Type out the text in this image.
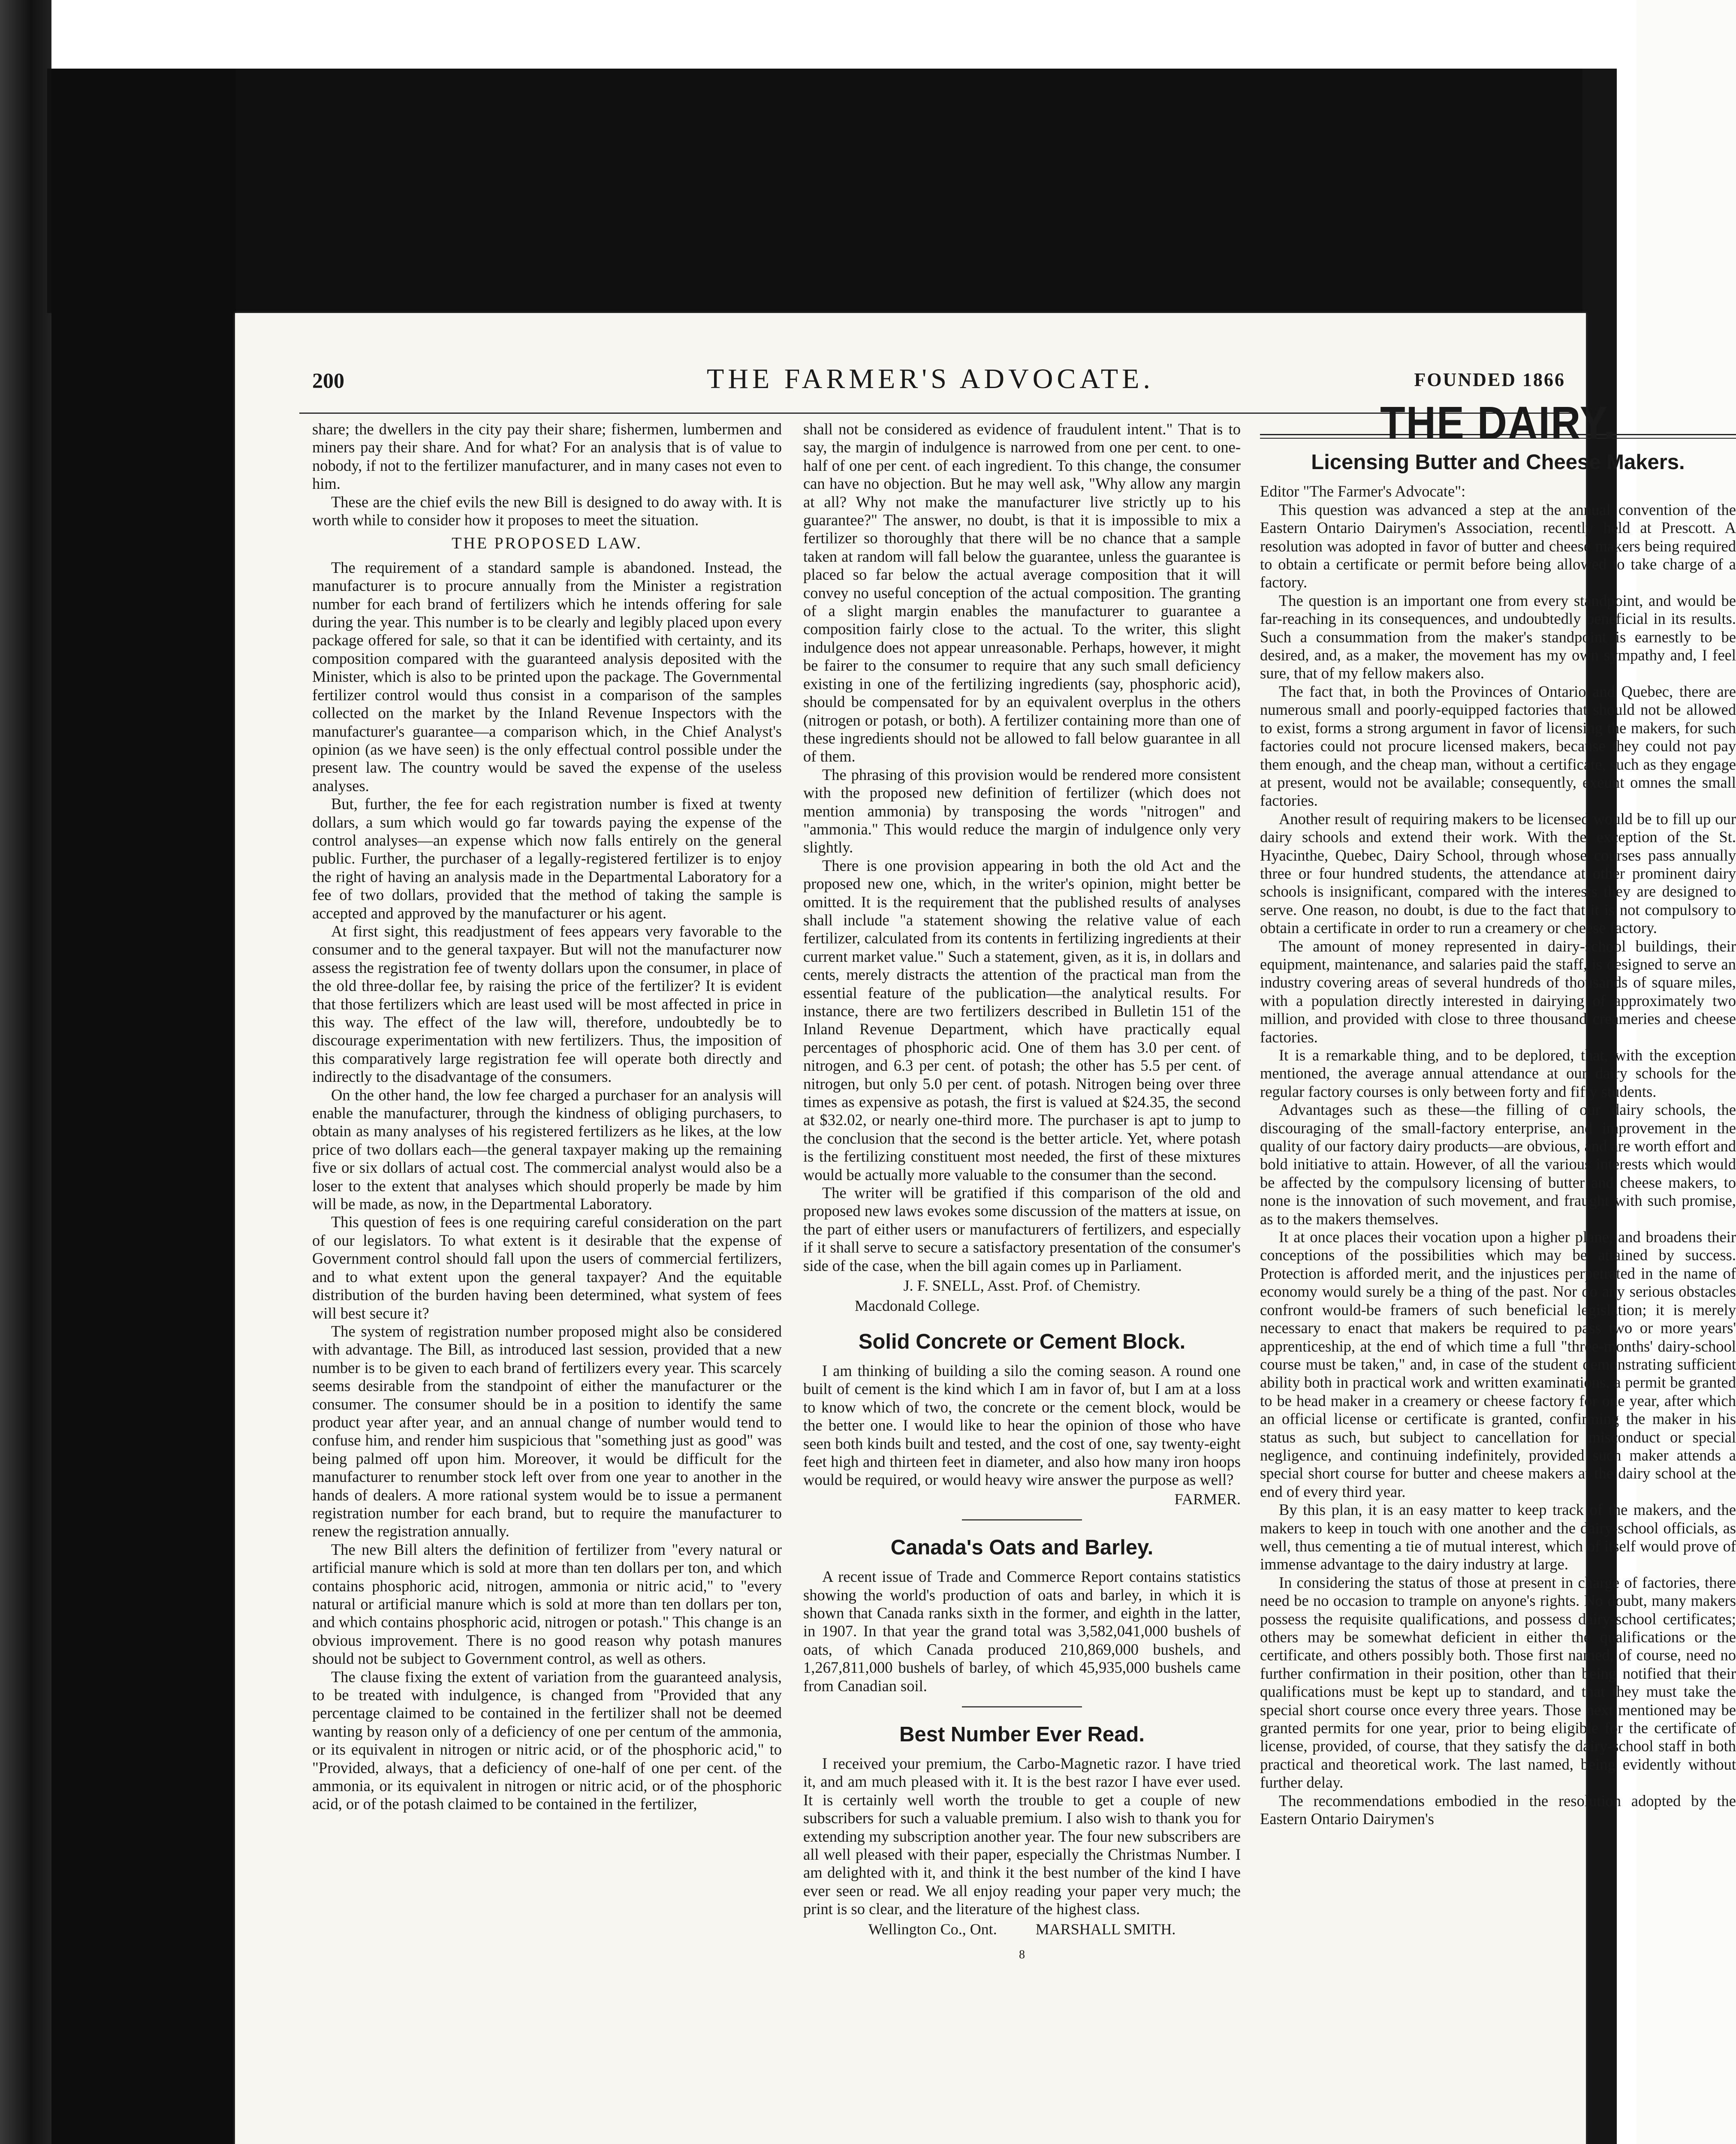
200	THE FARMER'S ADVOCATE.	FOUNDED 1866

share; the dwellers in the city pay their share; fishermen, lumbermen and miners pay their share. And for what? For an analysis that is of value to nobody, if not to the fertilizer manufacturer, and in many cases not even to him.

These are the chief evils the new Bill is designed to do away with. It is worth while to consider how it proposes to meet the situation.

THE PROPOSED LAW.

The requirement of a standard sample is abandoned. Instead, the manufacturer is to procure annually from the Minister a registration number for each brand of fertilizers which he intends offering for sale during the year. This number is to be clearly and legibly placed upon every package offered for sale, so that it can be identified with certainty, and its composition compared with the guaranteed analysis deposited with the Minister, which is also to be printed upon the package. The Governmental fertilizer control would thus consist in a comparison of the samples collected on the market by the Inland Revenue Inspectors with the manufacturer's guarantee—a comparison which, in the Chief Analyst's opinion (as we have seen) is the only effectual control possible under the present law. The country would be saved the expense of the useless analyses.

But, further, the fee for each registration number is fixed at twenty dollars, a sum which would go far towards paying the expense of the control analyses—an expense which now falls entirely on the general public. Further, the purchaser of a legally-registered fertilizer is to enjoy the right of having an analysis made in the Departmental Laboratory for a fee of two dollars, provided that the method of taking the sample is accepted and approved by the manufacturer or his agent.

At first sight, this readjustment of fees appears very favorable to the consumer and to the general taxpayer. But will not the manufacturer now assess the registration fee of twenty dollars upon the consumer, in place of the old three-dollar fee, by raising the price of the fertilizer? It is evident that those fertilizers which are least used will be most affected in price in this way. The effect of the law will, therefore, undoubtedly be to discourage experimentation with new fertilizers. Thus, the imposition of this comparatively large registration fee will operate both directly and indirectly to the disadvantage of the consumers.

On the other hand, the low fee charged a purchaser for an analysis will enable the manufacturer, through the kindness of obliging purchasers, to obtain as many analyses of his registered fertilizers as he likes, at the low price of two dollars each—the general taxpayer making up the remaining five or six dollars of actual cost. The commercial analyst would also be a loser to the extent that analyses which should properly be made by him will be made, as now, in the Departmental Laboratory.

This question of fees is one requiring careful consideration on the part of our legislators. To what extent is it desirable that the expense of Government control should fall upon the users of commercial fertilizers, and to what extent upon the general taxpayer? And the equitable distribution of the burden having been determined, what system of fees will best secure it?

The system of registration number proposed might also be considered with advantage. The Bill, as introduced last session, provided that a new number is to be given to each brand of fertilizers every year. This scarcely seems desirable from the standpoint of either the manufacturer or the consumer. The consumer should be in a position to identify the same product year after year, and an annual change of number would tend to confuse him, and render him suspicious that "something just as good" was being palmed off upon him. Moreover, it would be difficult for the manufacturer to renumber stock left over from one year to another in the hands of dealers. A more rational system would be to issue a permanent registration number for each brand, but to require the manufacturer to renew the registration annually.

The new Bill alters the definition of fertilizer from "every natural or artificial manure which is sold at more than ten dollars per ton, and which contains phosphoric acid, nitrogen, ammonia or nitric acid," to "every natural or artificial manure which is sold at more than ten dollars per ton, and which contains phosphoric acid, nitrogen or potash." This change is an obvious improvement. There is no good reason why potash manures should not be subject to Government control, as well as others.

The clause fixing the extent of variation from the guaranteed analysis, to be treated with indulgence, is changed from "Provided that any percentage claimed to be contained in the fertilizer shall not be deemed wanting by reason only of a deficiency of one per centum of the ammonia, or its equivalent in nitrogen or nitric acid, or of the phosphoric acid," to "Provided, always, that a deficiency of one-half of one per cent. of the ammonia, or its equivalent in nitrogen or nitric acid, or of the phosphoric acid, or of the potash claimed to be contained in the fertilizer,

shall not be considered as evidence of fraudulent intent." That is to say, the margin of indulgence is narrowed from one per cent. to one-half of one per cent. of each ingredient. To this change, the consumer can have no objection. But he may well ask, "Why allow any margin at all? Why not make the manufacturer live strictly up to his guarantee?" The answer, no doubt, is that it is impossible to mix a fertilizer so thoroughly that there will be no chance that a sample taken at random will fall below the guarantee, unless the guarantee is placed so far below the actual average composition that it will convey no useful conception of the actual composition. The granting of a slight margin enables the manufacturer to guarantee a composition fairly close to the actual. To the writer, this slight indulgence does not appear unreasonable. Perhaps, however, it might be fairer to the consumer to require that any such small deficiency existing in one of the fertilizing ingredients (say, phosphoric acid), should be compensated for by an equivalent overplus in the others (nitrogen or potash, or both). A fertilizer containing more than one of these ingredients should not be allowed to fall below guarantee in all of them.

The phrasing of this provision would be rendered more consistent with the proposed new definition of fertilizer (which does not mention ammonia) by transposing the words "nitrogen" and "ammonia." This would reduce the margin of indulgence only very slightly.

There is one provision appearing in both the old Act and the proposed new one, which, in the writer's opinion, might better be omitted. It is the requirement that the published results of analyses shall include "a statement showing the relative value of each fertilizer, calculated from its contents in fertilizing ingredients at their current market value." Such a statement, given, as it is, in dollars and cents, merely distracts the attention of the practical man from the essential feature of the publication—the analytical results. For instance, there are two fertilizers described in Bulletin 151 of the Inland Revenue Department, which have practically equal percentages of phosphoric acid. One of them has 3.0 per cent. of nitrogen, and 6.3 per cent. of potash; the other has 5.5 per cent. of nitrogen, but only 5.0 per cent. of potash. Nitrogen being over three times as expensive as potash, the first is valued at $24.35, the second at $32.02, or nearly one-third more. The purchaser is apt to jump to the conclusion that the second is the better article. Yet, where potash is the fertilizing constituent most needed, the first of these mixtures would be actually more valuable to the consumer than the second.

The writer will be gratified if this comparison of the old and proposed new laws evokes some discussion of the matters at issue, on the part of either users or manufacturers of fertilizers, and especially if it shall serve to secure a satisfactory presentation of the consumer's side of the case, when the bill again comes up in Parliament.

J. F. SNELL, Asst. Prof. of Chemistry.
Macdonald College.
Solid Concrete or Cement Block.

I am thinking of building a silo the coming season. A round one built of cement is the kind which I am in favor of, but I am at a loss to know which of two, the concrete or the cement block, would be the better one. I would like to hear the opinion of those who have seen both kinds built and tested, and the cost of one, say twenty-eight feet high and thirteen feet in diameter, and also how many iron hoops would be required, or would heavy wire answer the purpose as well?

FARMER.
Canada's Oats and Barley.

A recent issue of Trade and Commerce Report contains statistics showing the world's production of oats and barley, in which it is shown that Canada ranks sixth in the former, and eighth in the latter, in 1907. In that year the grand total was 3,582,041,000 bushels of oats, of which Canada produced 210,869,000 bushels, and 1,267,811,000 bushels of barley, of which 45,935,000 bushels came from Canadian soil.

Best Number Ever Read.

I received your premium, the Carbo-Magnetic razor. I have tried it, and am much pleased with it. It is the best razor I have ever used. It is certainly well worth the trouble to get a couple of new subscribers for such a valuable premium. I also wish to thank you for extending my subscription another year. The four new subscribers are all well pleased with their paper, especially the Christmas Number. I am delighted with it, and think it the best number of the kind I have ever seen or read. We all enjoy reading your paper very much; the print is so clear, and the literature of the highest class.

Wellington Co., Ont.          MARSHALL SMITH.
8
THE DAIRY.
Licensing Butter and Cheese Makers.

Editor "The Farmer's Advocate":

This question was advanced a step at the annual convention of the Eastern Ontario Dairymen's Association, recently held at Prescott. A resolution was adopted in favor of butter and cheese makers being required to obtain a certificate or permit before being allowed to take charge of a factory.

The question is an important one from every standpoint, and would be far-reaching in its consequences, and undoubtedly beneficial in its results. Such a consummation from the maker's standpoint is earnestly to be desired, and, as a maker, the movement has my own sympathy and, I feel sure, that of my fellow makers also.

The fact that, in both the Provinces of Ontario and Quebec, there are numerous small and poorly-equipped factories that should not be allowed to exist, forms a strong argument in favor of licensing the makers, for such factories could not procure licensed makers, because they could not pay them enough, and the cheap man, without a certificate, such as they engage at present, would not be available; consequently, exeunt omnes the small factories.

Another result of requiring makers to be licensed would be to fill up our dairy schools and extend their work. With the exception of the St. Hyacinthe, Quebec, Dairy School, through whose courses pass annually three or four hundred students, the attendance at other prominent dairy schools is insignificant, compared with the interests they are designed to serve. One reason, no doubt, is due to the fact that it is not compulsory to obtain a certificate in order to run a creamery or cheese factory.

The amount of money represented in dairy-school buildings, their equipment, maintenance, and salaries paid the staff, is designed to serve an industry covering areas of several hundreds of thousands of square miles, with a population directly interested in dairying of approximately two million, and provided with close to three thousand creameries and cheese factories.

It is a remarkable thing, and to be deplored, that, with the exception mentioned, the average annual attendance at our dairy schools for the regular factory courses is only between forty and fifty students.

Advantages such as these—the filling of our dairy schools, the discouraging of the small-factory enterprise, and improvement in the quality of our factory dairy products—are obvious, and are worth effort and bold initiative to attain. However, of all the various interests which would be affected by the compulsory licensing of butter and cheese makers, to none is the innovation of such movement, and fraught with such promise, as to the makers themselves.

It at once places their vocation upon a higher plane, and broadens their conceptions of the possibilities which may be attained by success. Protection is afforded merit, and the injustices perpetrated in the name of economy would surely be a thing of the past. Nor do any serious obstacles confront would-be framers of such beneficial legislation; it is merely necessary to enact that makers be required to pass two or more years' apprenticeship, at the end of which time a full "three-months' dairy-school course must be taken," and, in case of the student demonstrating sufficient ability both in practical work and written examinations, a permit be granted to be head maker in a creamery or cheese factory for one year, after which an official license or certificate is granted, confirming the maker in his status as such, but subject to cancellation for misconduct or special negligence, and continuing indefinitely, provided such maker attends a special short course for butter and cheese makers at the dairy school at the end of every third year.

By this plan, it is an easy matter to keep track of the makers, and the makers to keep in touch with one another and the dairy-school officials, as well, thus cementing a tie of mutual interest, which of itself would prove of immense advantage to the dairy industry at large.

In considering the status of those at present in charge of factories, there need be no occasion to trample on anyone's rights. No doubt, many makers possess the requisite qualifications, and possess dairy-school certificates; others may be somewhat deficient in either the qualifications or the certificate, and others possibly both. Those first named, of course, need no further confirmation in their position, other than being notified that their qualifications must be kept up to standard, and that they must take the special short course once every three years. Those next mentioned may be granted permits for one year, prior to being eligible for the certificate of license, provided, of course, that they satisfy the dairy-school staff in both practical and theoretical work. The last named, being evidently without further delay.

The recommendations embodied in the resolution adopted by the Eastern Ontario Dairymen's
